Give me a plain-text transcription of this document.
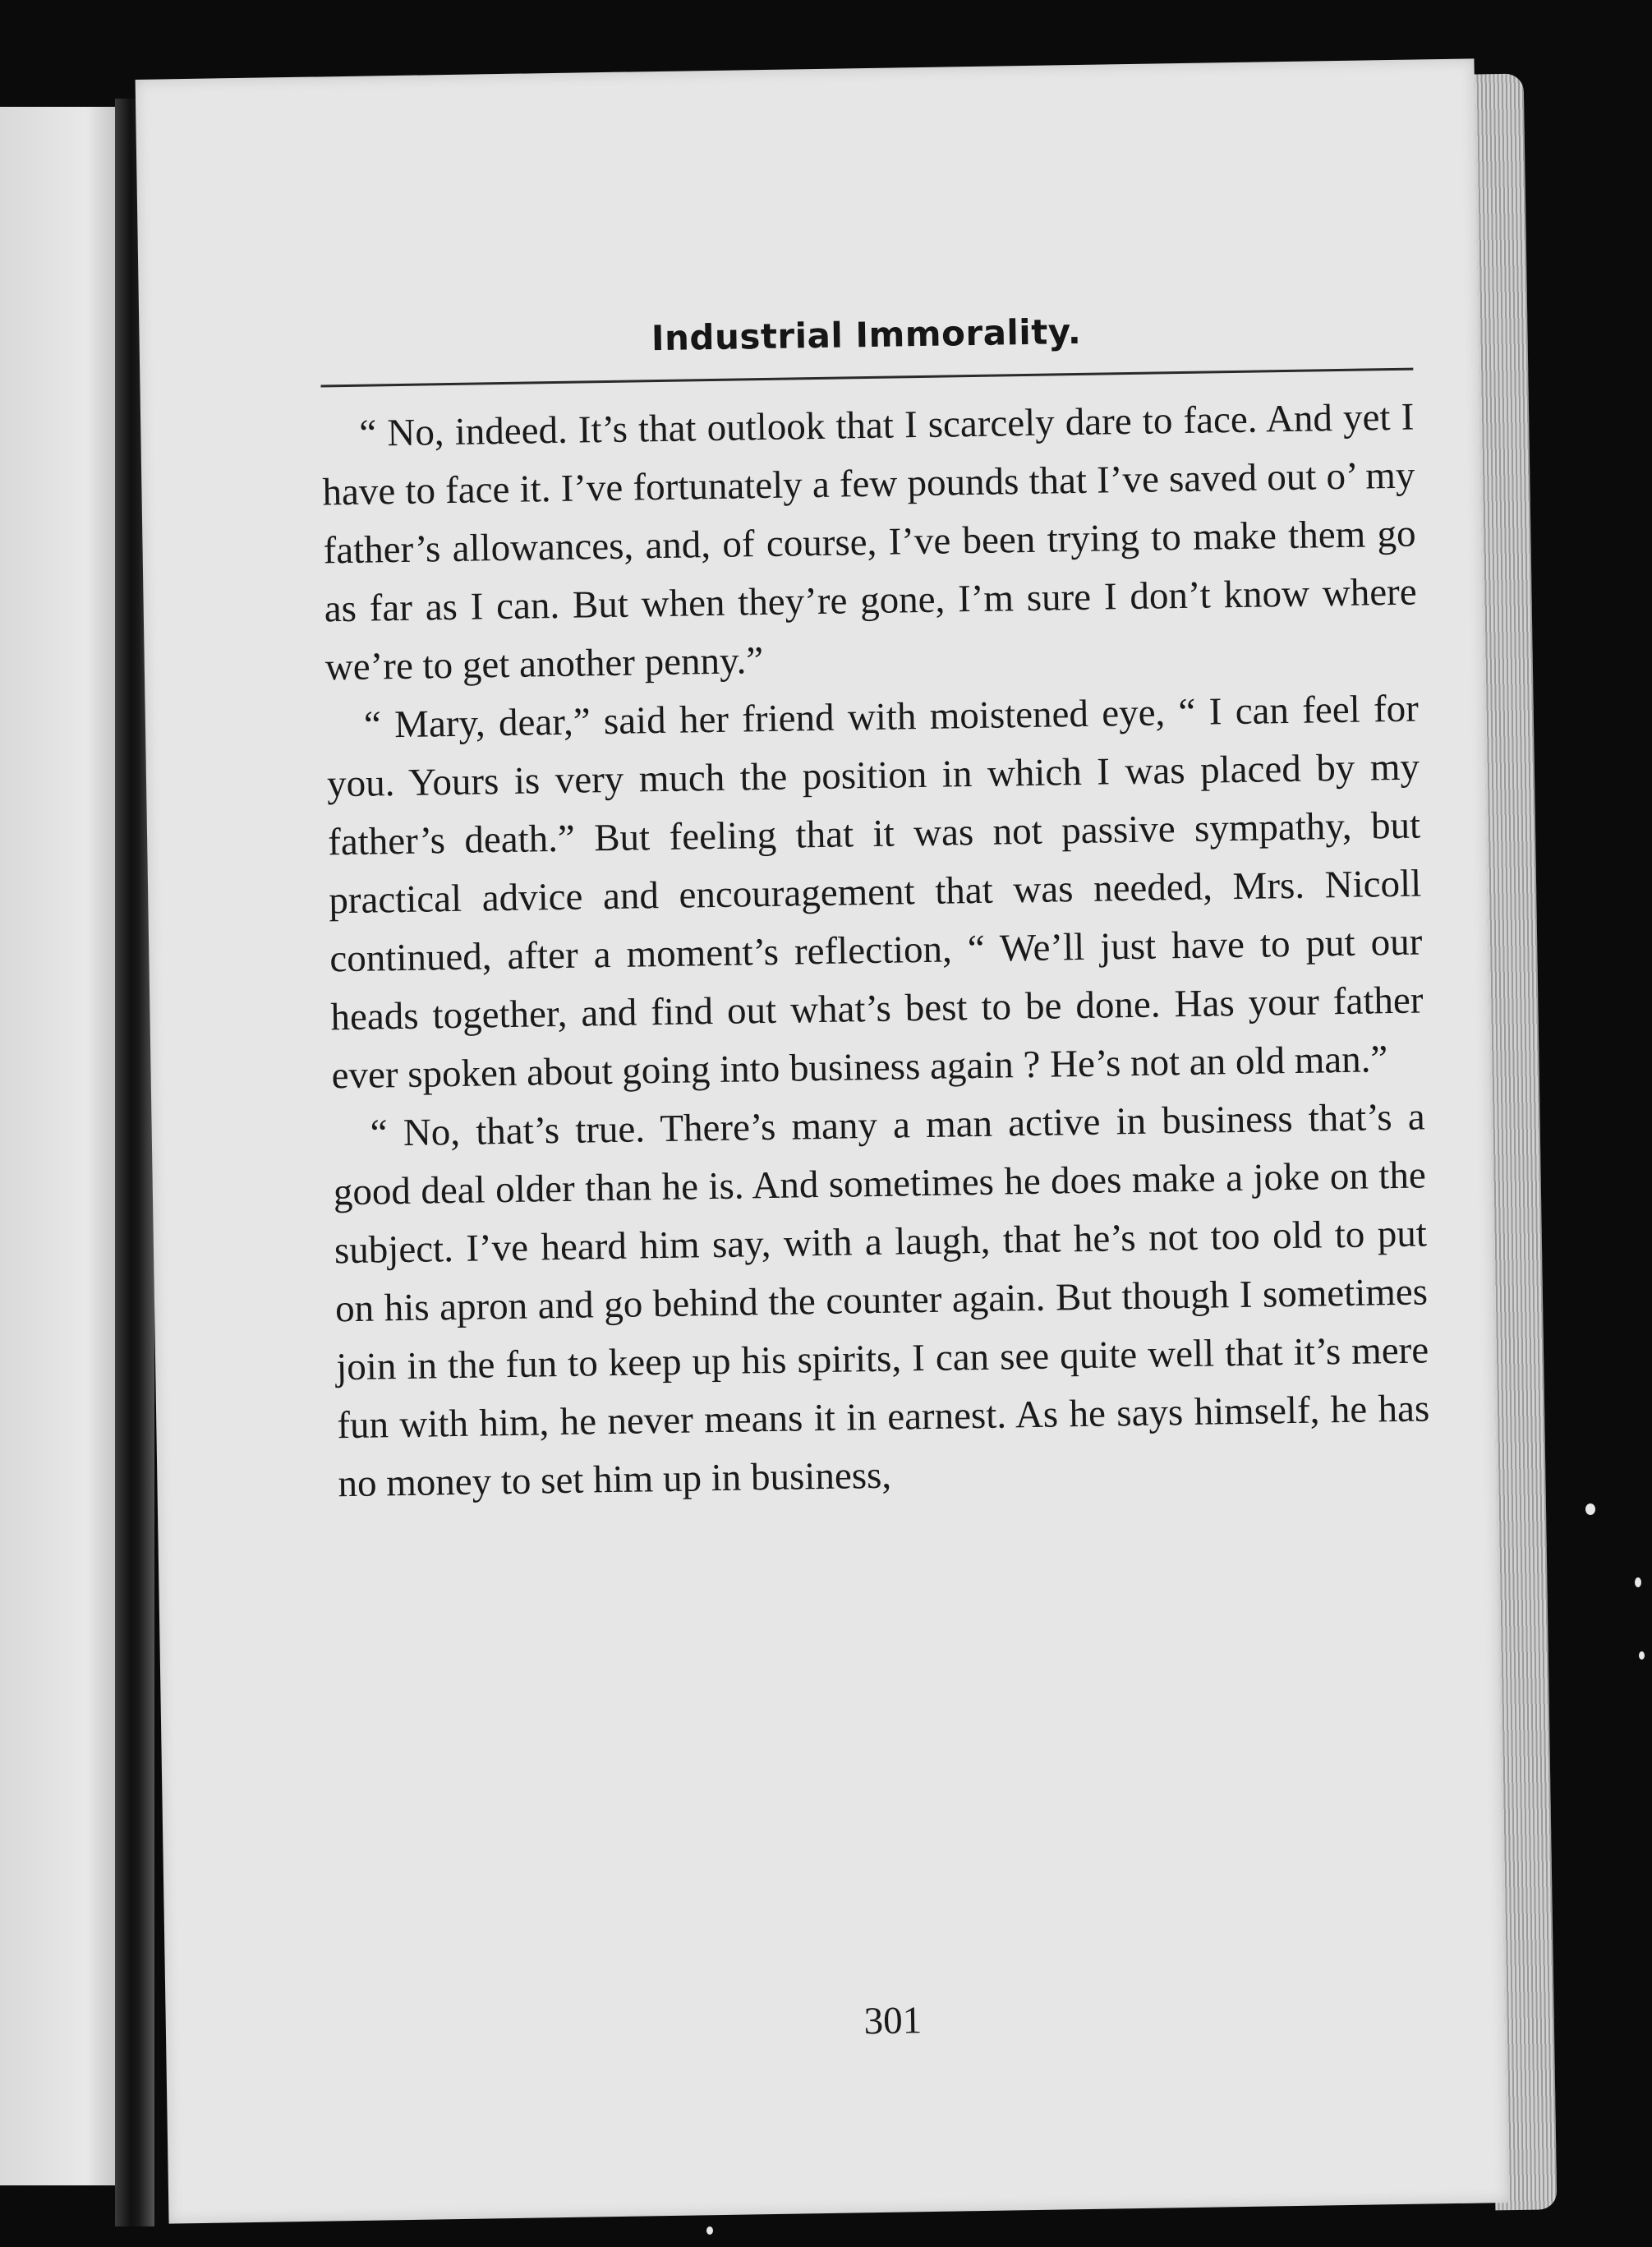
Industrial Immorality.

“ No, indeed. It’s that outlook that I scarcely dare to face. And yet I have to face it. I’ve fortunately a few pounds that I’ve saved out o’ my father’s allowances, and, of course, I’ve been trying to make them go as far as I can. But when they’re gone, I’m sure I don’t know where we’re to get another penny.”

“ Mary, dear,” said her friend with moistened eye, “ I can feel for you. Yours is very much the position in which I was placed by my father’s death.” But feeling that it was not passive sympathy, but practical advice and encouragement that was needed, Mrs. Nicoll continued, after a moment’s reflection, “ We’ll just have to put our heads together, and find out what’s best to be done. Has your father ever spoken about going into business again ? He’s not an old man.”

“ No, that’s true. There’s many a man active in business that’s a good deal older than he is. And sometimes he does make a joke on the subject. I’ve heard him say, with a laugh, that he’s not too old to put on his apron and go behind the counter again. But though I sometimes join in the fun to keep up his spirits, I can see quite well that it’s mere fun with him, he never means it in earnest. As he says himself, he has no money to set him up in business,

301
